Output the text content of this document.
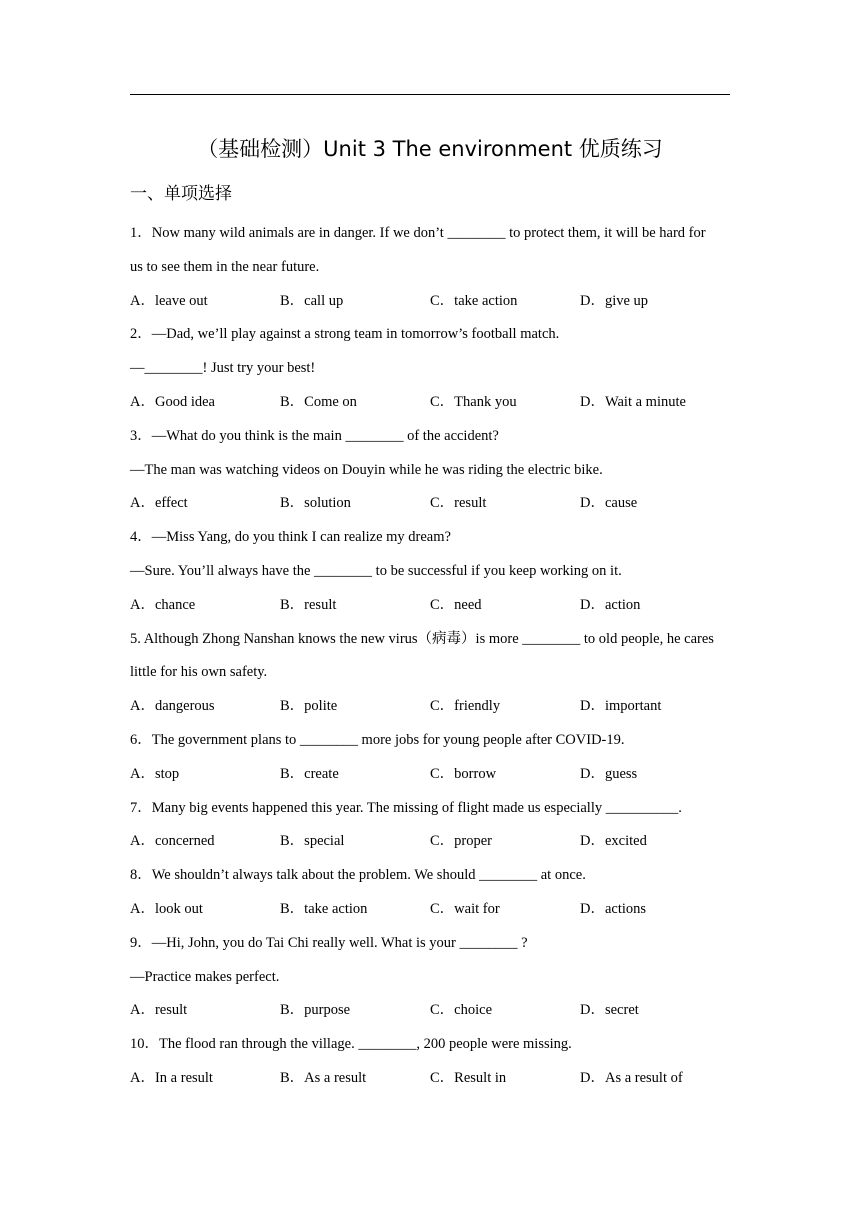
（基础检测）Unit 3 The environment 优质练习
一、单项选择
1．Now many wild animals are in danger. If we don’t ________ to protect them, it will be hard for
us to see them in the near future.
A．leave out	B．call up	C．take action	D．give up
2．—Dad, we’ll play against a strong team in tomorrow’s football match.
—________! Just try your best!
A．Good idea	B．Come on	C．Thank you	D．Wait a minute
3．—What do you think is the main ________ of the accident?
—The man was watching videos on Douyin while he was riding the electric bike.
A．effect	B．solution	C．result	D．cause
4．—Miss Yang, do you think I can realize my dream?
—Sure. You’ll always have the ________ to be successful if you keep working on it.
A．chance	B．result	C．need	D．action
5. Although Zhong Nanshan knows the new virus（病毒）is more ________ to old people, he cares
little for his own safety.
A．dangerous	B．polite	C．friendly	D．important
6．The government plans to ________ more jobs for young people after COVID-19.
A．stop	B．create	C．borrow	D．guess
7．Many big events happened this year. The missing of flight made us especially __________.
A．concerned	B．special	C．proper	D．excited
8．We shouldn’t always talk about the problem. We should ________ at once.
A．look out	B．take action	C．wait for	D．actions
9．—Hi, John, you do Tai Chi really well. What is your ________ ?
—Practice makes perfect.
A．result	B．purpose	C．choice	D．secret
10．The flood ran through the village. ________, 200 people were missing.
A．In a result	B．As a result	C．Result in	D．As a result of
